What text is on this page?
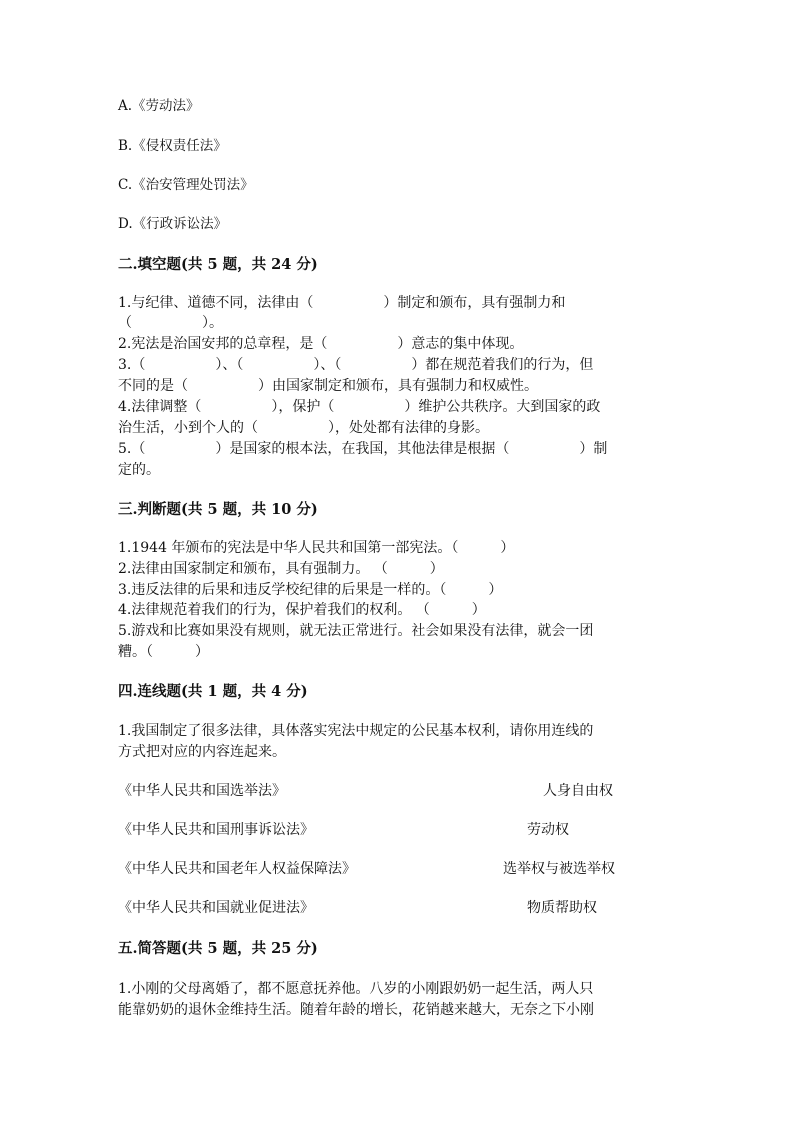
A.《劳动法》
B.《侵权责任法》
C.《治安管理处罚法》
D.《行政诉讼法》
二.填空题(共 5 题，共 24 分)
1.与纪律、道德不同，法律由（　　　　　）制定和颁布，具有强制力和
（　　　　　）。
2.宪法是治国安邦的总章程，是（　　　　　）意志的集中体现。
3.（　　　　　）、（　　　　　）、（　　　　　）都在规范着我们的行为，但
不同的是（　　　　　）由国家制定和颁布，具有强制力和权威性。
4.法律调整（　　　　　），保护（　　　　　）维护公共秩序。大到国家的政
治生活，小到个人的（　　　　　），处处都有法律的身影。
5.（　　　　　）是国家的根本法，在我国，其他法律是根据（　　　　　）制
定的。
三.判断题(共 5 题，共 10 分)
1.1944 年颁布的宪法是中华人民共和国第一部宪法。（　　　）
2.法律由国家制定和颁布，具有强制力。 （　　　）
3.违反法律的后果和违反学校纪律的后果是一样的。（　　　）
4.法律规范着我们的行为，保护着我们的权利。 （　　　）
5.游戏和比赛如果没有规则，就无法正常进行。社会如果没有法律，就会一团
糟。（　　　）
四.连线题(共 1 题，共 4 分)
1.我国制定了很多法律，具体落实宪法中规定的公民基本权利，请你用连线的
方式把对应的内容连起来。
《中华人民共和国选举法》	人身自由权
《中华人民共和国刑事诉讼法》	劳动权
《中华人民共和国老年人权益保障法》	选举权与被选举权
《中华人民共和国就业促进法》	物质帮助权
五.简答题(共 5 题，共 25 分)
1.小刚的父母离婚了，都不愿意抚养他。八岁的小刚跟奶奶一起生活，两人只
能靠奶奶的退休金维持生活。随着年龄的增长，花销越来越大，无奈之下小刚
